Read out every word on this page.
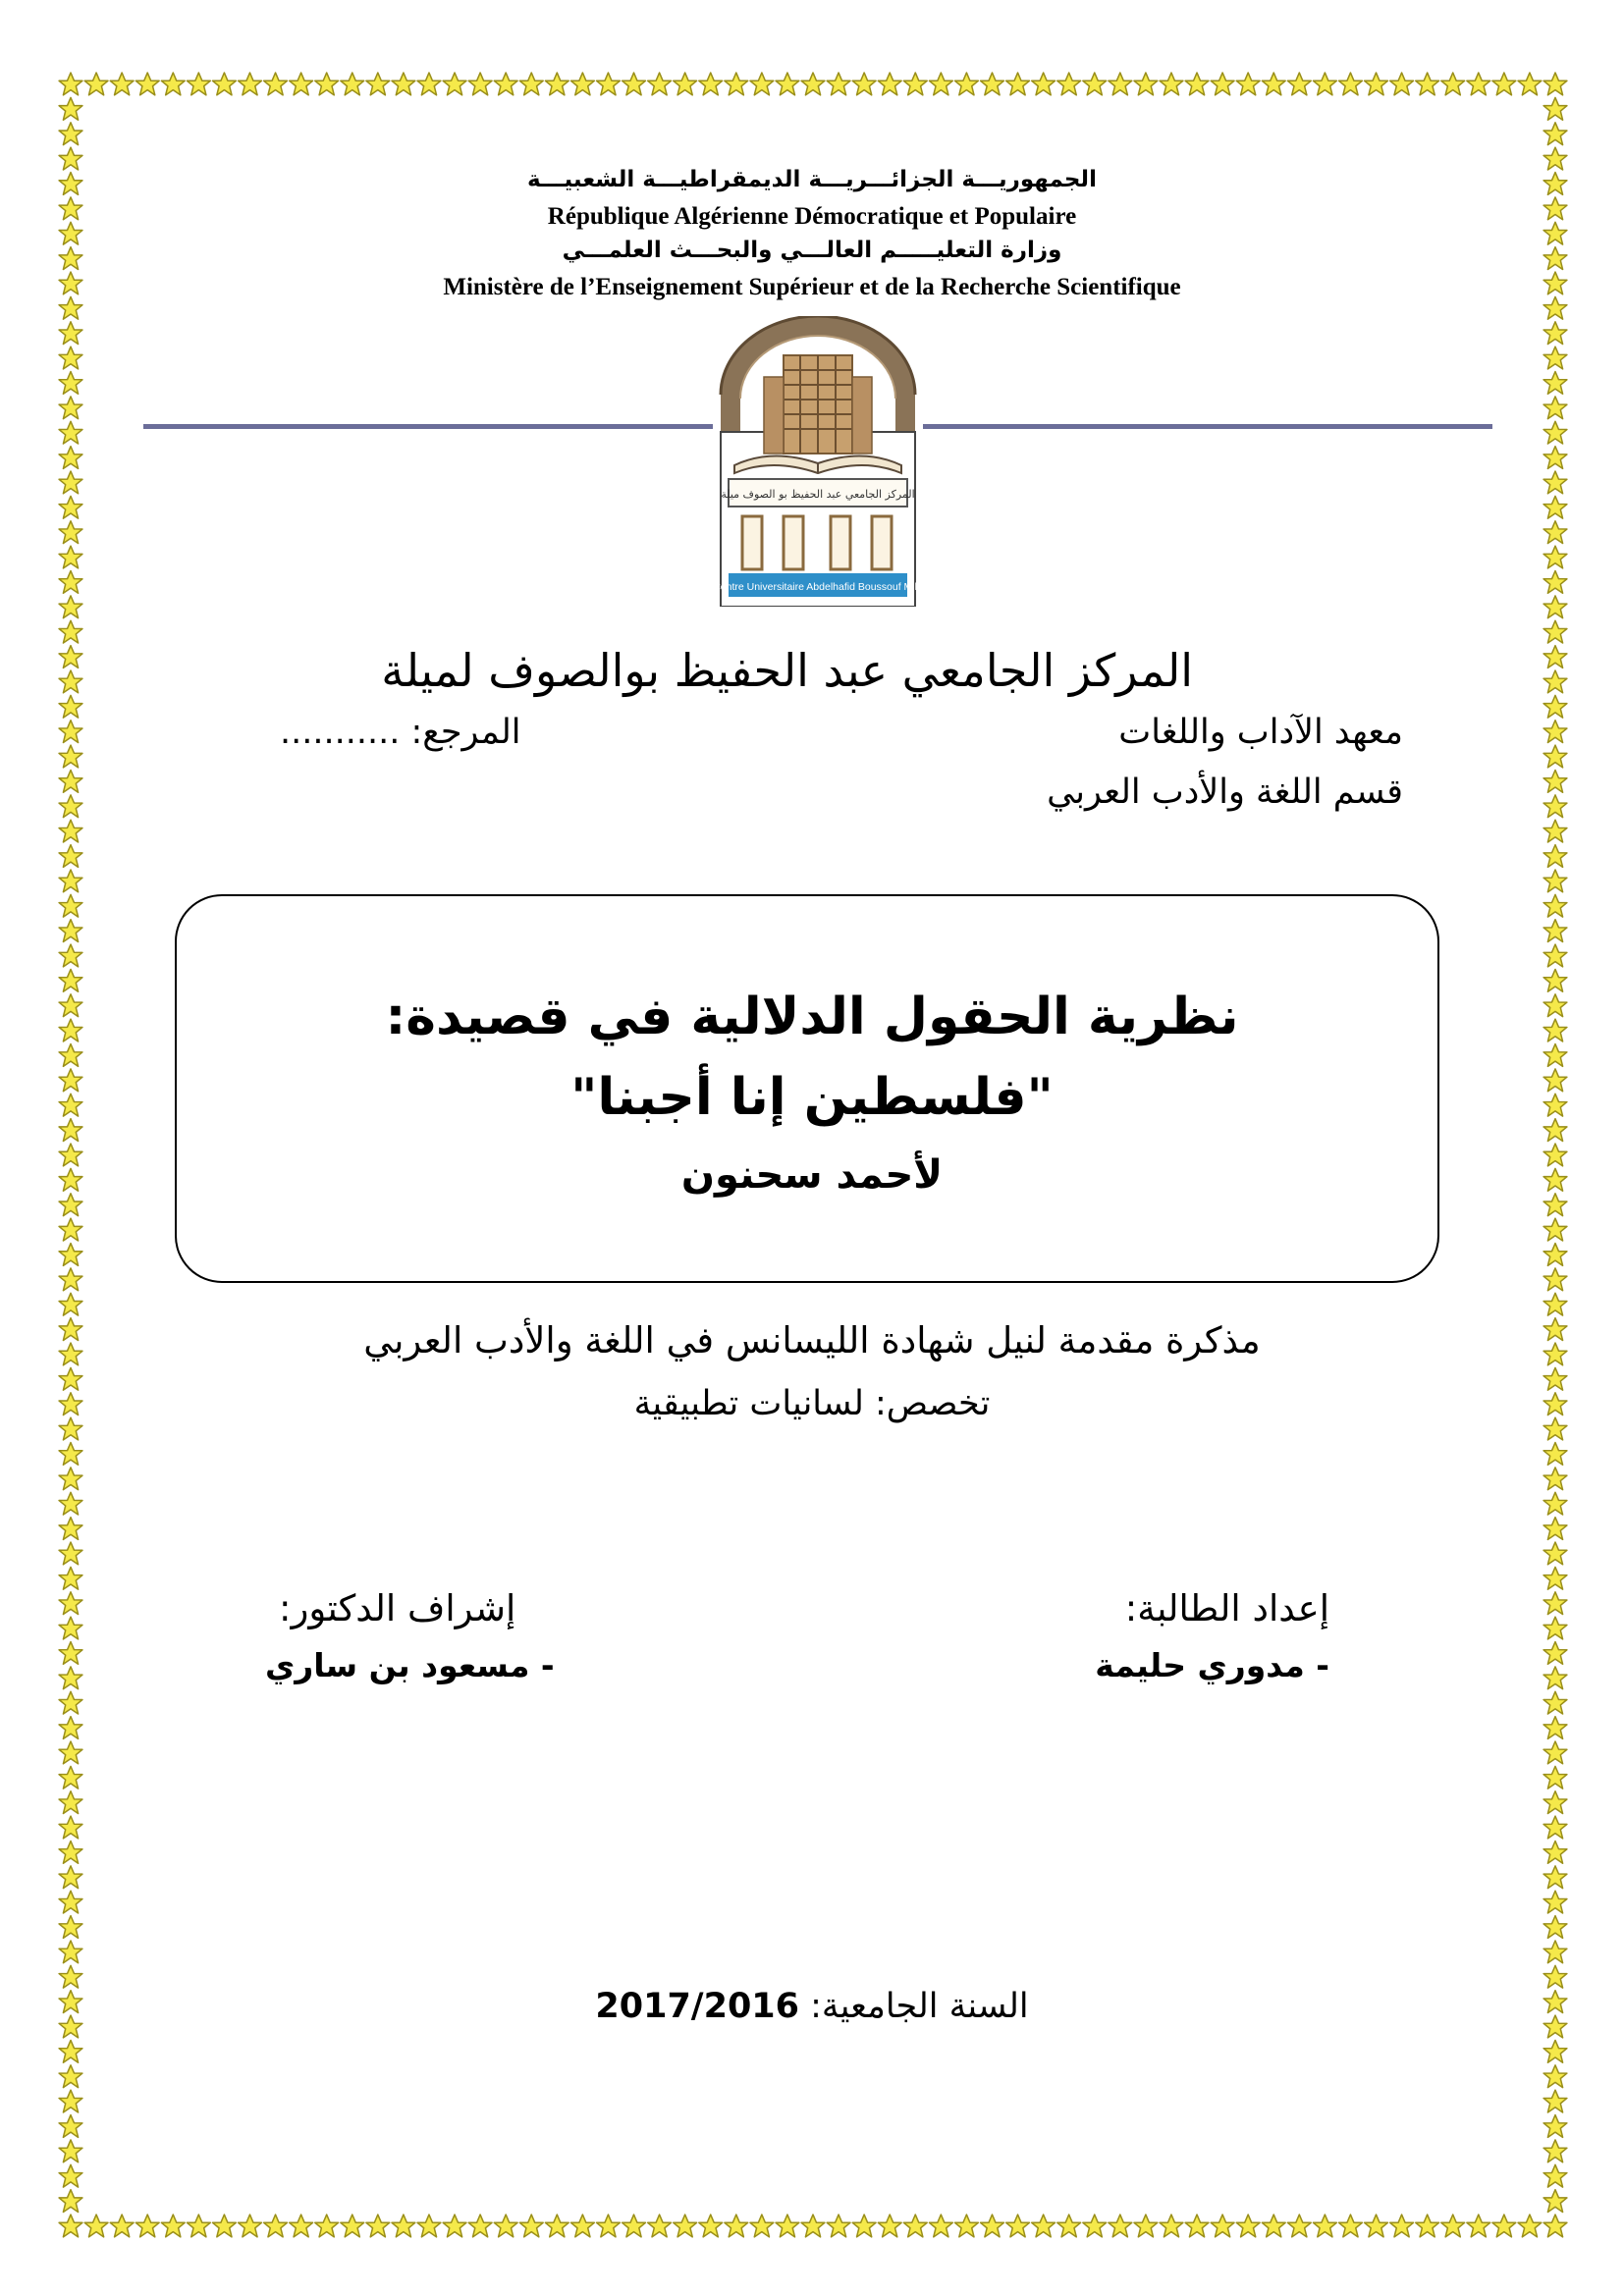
الجمهوريـــة الجزائـــريـــة الديمقراطيـــة الشعبيـــة
République Algérienne Démocratique et Populaire
وزارة التعليـــــم العالـــي والبحـــث العلمـــي
Ministère de l’Enseignement Supérieur et de la Recherche Scientifique
المركز الجامعي عبد الحفيظ بو الصوف ميلة
Centre Universitaire Abdelhafid Boussouf Mila
المركز الجامعي عبد الحفيظ بوالصوف لميلة
معهد الآداب واللغات
المرجع: ...........
قسم اللغة والأدب العربي
نظرية الحقول الدلالية في قصيدة:
"فلسطين إنا أجبنا"
لأحمد سحنون
مذكرة مقدمة لنيل شهادة الليسانس في اللغة والأدب العربي
تخصص: لسانيات تطبيقية
إعداد الطالبة:
- مدوري حليمة
إشراف الدكتور:
- مسعود بن ساري
السنة الجامعية: 2017/2016
